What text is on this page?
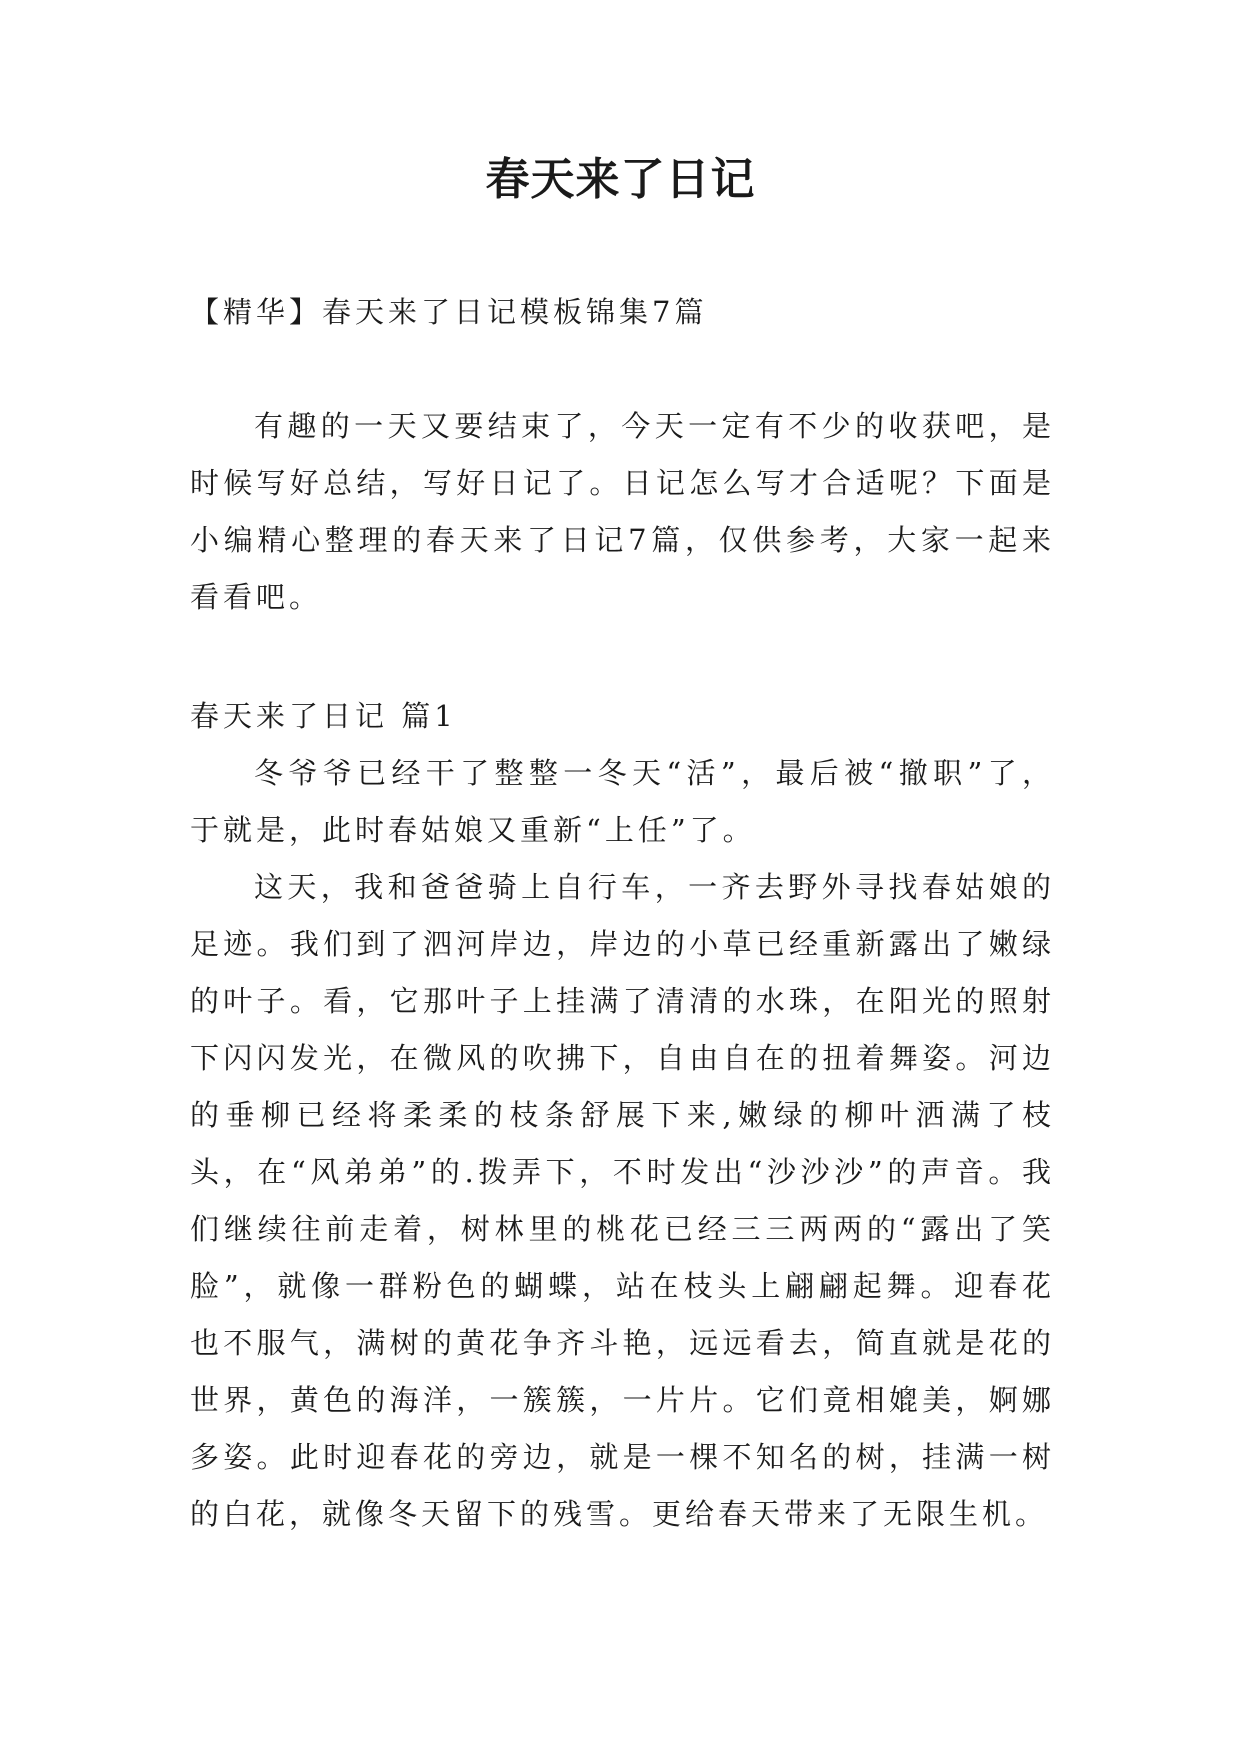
春天来了日记
【精华】春天来了日记模板锦集7篇

有趣的一天又要结束了，今天一定有不少的收获吧，是时候写好总结，写好日记了。日记怎么写才合适呢？下面是小编精心整理的春天来了日记7篇，仅供参考，大家一起来看看吧。

春天来了日记 篇1

冬爷爷已经干了整整一冬天“活”，最后被“撤职”了，于就是，此时春姑娘又重新“上任”了。

这天，我和爸爸骑上自行车，一齐去野外寻找春姑娘的足迹。我们到了泗河岸边，岸边的小草已经重新露出了嫩绿的叶子。看，它那叶子上挂满了清清的水珠，在阳光的照射下闪闪发光，在微风的吹拂下，自由自在的扭着舞姿。河边的垂柳已经将柔柔的枝条舒展下来,嫩绿的柳叶洒满了枝头，在“风弟弟”的.拨弄下，不时发出“沙沙沙”的声音。我们继续往前走着，树林里的桃花已经三三两两的“露出了笑脸”，就像一群粉色的蝴蝶，站在枝头上翩翩起舞。迎春花也不服气，满树的黄花争齐斗艳，远远看去，简直就是花的世界，黄色的海洋，一簇簇，一片片。它们竟相媲美，婀娜多姿。此时迎春花的旁边，就是一棵不知名的树，挂满一树的白花，就像冬天留下的残雪。更给春天带来了无限生机。
